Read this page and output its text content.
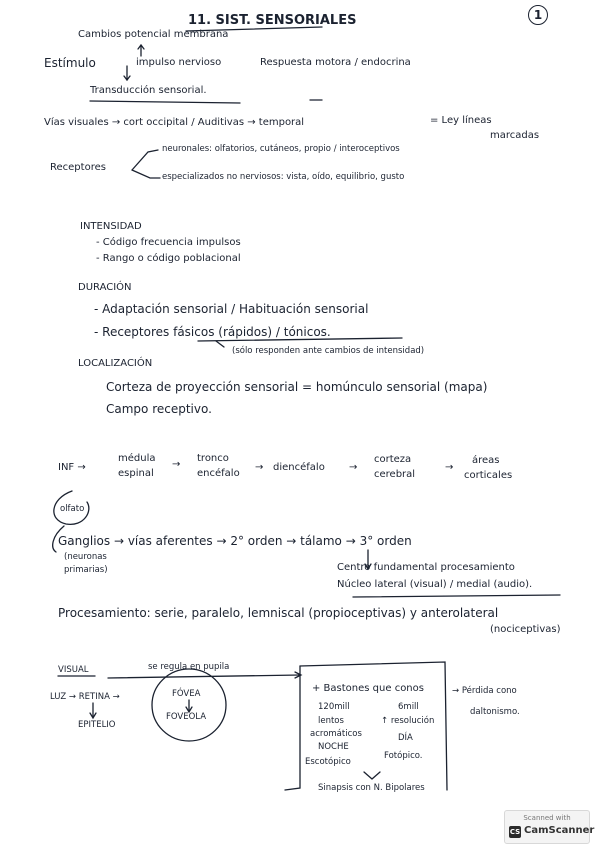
1
11. SIST. SENSORIALES
Cambios potencial membrana
Estímulo	impulso nervioso	Respuesta motora / endocrina
Transducción sensorial.
Vías visuales → cort occipital / Auditivas → temporal	= Ley líneas
marcadas
Receptores
neuronales: olfatorios, cutáneos, propio / interoceptivos
especializados no nerviosos: vista, oído, equilibrio, gusto
INTENSIDAD
- Código frecuencia impulsos
- Rango o código poblacional
DURACIÓN
- Adaptación sensorial / Habituación sensorial
- Receptores fásicos (rápidos) / tónicos.
(sólo responden ante cambios de intensidad)
LOCALIZACIÓN
Corteza de proyección sensorial = homúnculo sensorial (mapa)
Campo receptivo.
INF →
médula
espinal
→
tronco
encéfalo
→ diencéfalo →
corteza
cerebral
→
áreas
corticales
olfato
Ganglios → vías aferentes → 2° orden → tálamo → 3° orden
(neuronas
primarias)	Centro fundamental procesamiento
Núcleo lateral (visual) / medial (audio).
Procesamiento: serie, paralelo, lemniscal (propioceptivas) y anterolateral
(nociceptivas)
VISUAL	se regula en pupila
LUZ → RETINA →
EPITELIO
FÓVEA
FOVEOLA
+ Bastones que conos
120mill
lentos
acromáticos
NOCHE
Escotópico
6mill
↑ resolución
DÍA
Fotópico.
→ Pérdida cono
daltonismo.
Sinapsis con N. Bipolares
Scanned with
CS CamScanner
